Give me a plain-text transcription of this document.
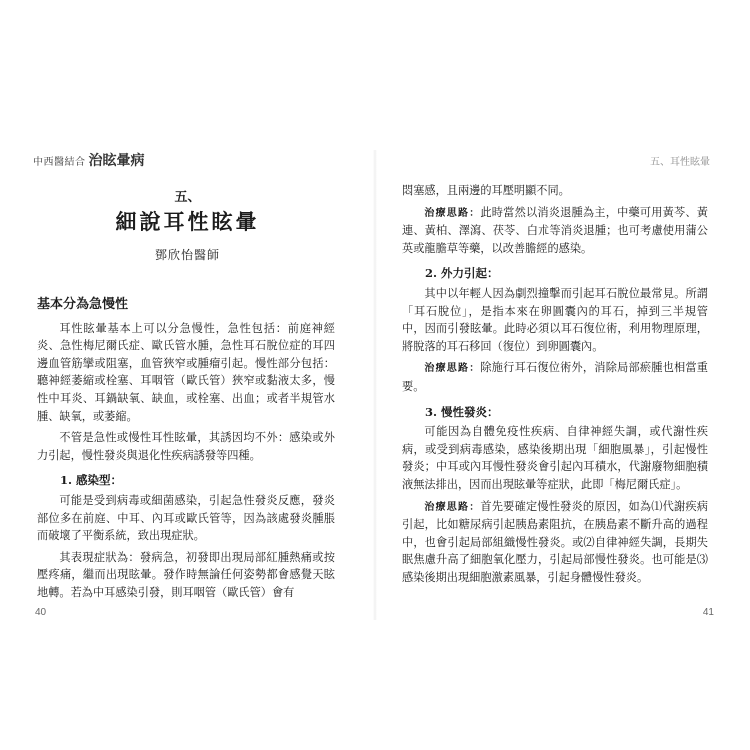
中西醫結合 治眩暈病
五、
細說耳性眩暈
鄧欣怡醫師
基本分為急慢性

耳性眩暈基本上可以分急慢性，急性包括：前庭神經炎、急性梅尼爾氏症、歐氏管水腫，急性耳石脫位症的耳四邊血管筋攣或阻塞，血管狹窄或腫瘤引起。慢性部分包括：聽神經萎縮或栓塞、耳咽管（歐氏管）狹窄或黏液太多，慢性中耳炎、耳鍋缺氧、缺血，或栓塞、出血；或者半規管水腫、缺氧，或萎縮。

不管是急性或慢性耳性眩暈，其誘因均不外：感染或外力引起，慢性發炎與退化性疾病誘發等四種。

1. 感染型：

可能是受到病毒或細菌感染，引起急性發炎反應，發炎部位多在前庭、中耳、內耳或歐氏管等，因為該處發炎腫脹而破壞了平衡系統，致出現症狀。

其表現症狀為：發病急，初發即出現局部紅腫熱痛或按壓疼痛，繼而出現眩暈。發作時無論任何姿勢都會感覺天眩地轉。若為中耳感染引發，則耳咽管（歐氏管）會有

40
五、耳性眩暈

悶塞感，且兩邊的耳壓明顯不同。

治療思路：此時當然以消炎退腫為主，中藥可用黃芩、黃連、黃柏、澤瀉、茯苓、白朮等消炎退腫；也可考慮使用蒲公英或龍膽草等藥，以改善膽經的感染。

2. 外力引起：

其中以年輕人因為劇烈撞擊而引起耳石脫位最常見。所謂「耳石脫位」，是指本來在卵圓囊內的耳石，掉到三半規管中，因而引發眩暈。此時必須以耳石復位術，利用物理原理，將脫落的耳石移回（復位）到卵圓囊內。

治療思路：除施行耳石復位術外，消除局部瘀腫也相當重要。

3. 慢性發炎：

可能因為自體免疫性疾病、自律神經失調，或代謝性疾病，或受到病毒感染，感染後期出現「細胞風暴」，引起慢性發炎；中耳或內耳慢性發炎會引起內耳積水，代謝廢物細胞積液無法排出，因而出現眩暈等症狀，此即「梅尼爾氏症」。

治療思路：首先要確定慢性發炎的原因，如為⑴代謝疾病引起，比如糖尿病引起胰島素阻抗，在胰島素不斷升高的過程中，也會引起局部組織慢性發炎。或⑵自律神經失調，長期失眠焦慮升高了細胞氧化壓力，引起局部慢性發炎。也可能是⑶感染後期出現細胞激素風暴，引起身體慢性發炎。

41
